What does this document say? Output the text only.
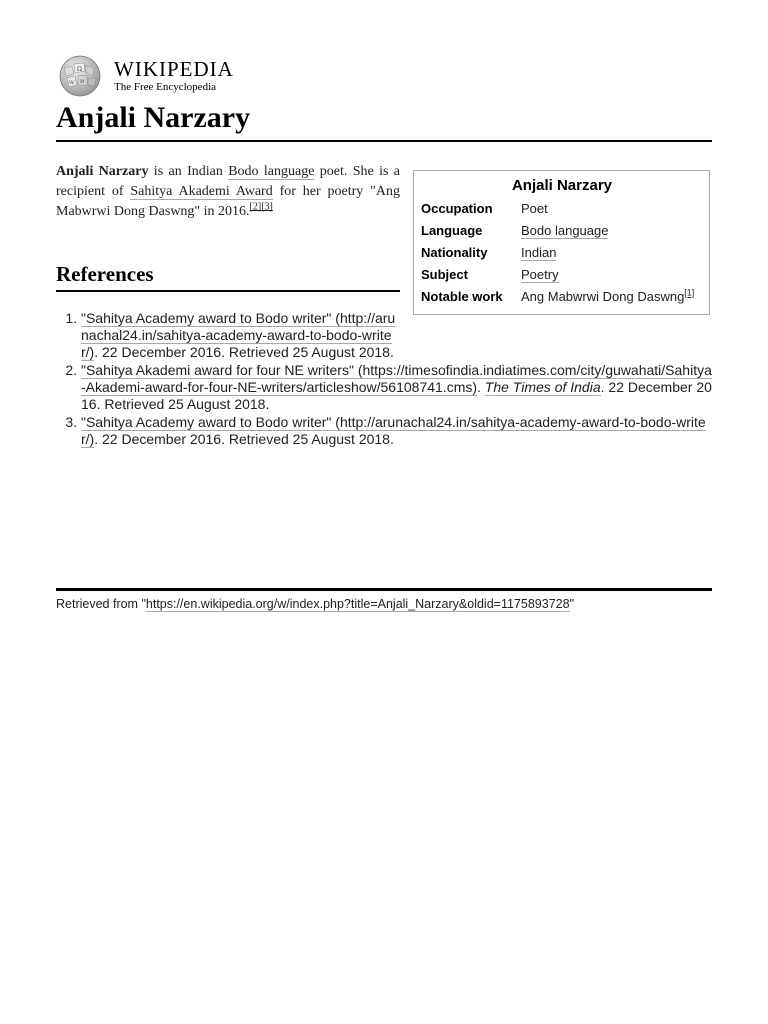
Ω
W И
WIKIPEDIA
The Free Encyclopedia
Anjali Narzary

Anjali Narzary is an Indian Bodo language poet. She is a recipient of Sahitya Akademi Award for her poetry "Ang Mabwrwi Dong Daswng" in 2016.[2][3]

Anjali Narzary
Occupation	Poet
Language	Bodo language
Nationality	Indian
Subject	Poetry
Notable work	Ang Mabwrwi Dong Daswng[1]
References
1. "Sahitya Academy award to Bodo writer" (http://arunachal24.in/sahitya-academy-award-to-bodo-writer/). 22 December 2016. Retrieved 25 August 2018.
2. "Sahitya Akademi award for four NE writers" (https://timesofindia.indiatimes.com/city/guwahati/Sahitya-Akademi-award-for-four-NE-writers/articleshow/56108741.cms). The Times of India. 22 December 2016. Retrieved 25 August 2018.
3. "Sahitya Academy award to Bodo writer" (http://arunachal24.in/sahitya-academy-award-to-bodo-writer/). 22 December 2016. Retrieved 25 August 2018.
Retrieved from "https://en.wikipedia.org/w/index.php?title=Anjali_Narzary&oldid=1175893728"
